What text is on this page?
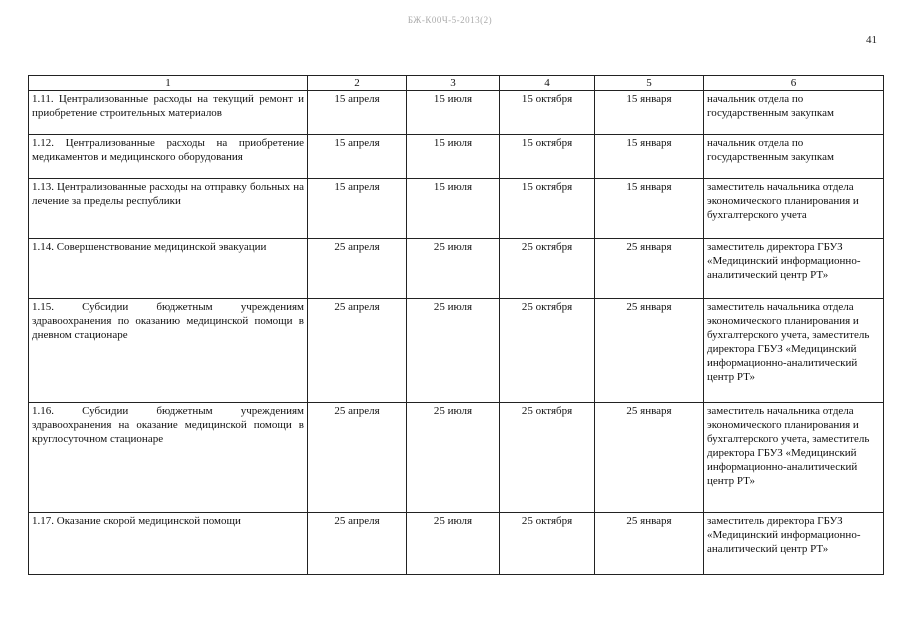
БЖ-К00Ч-5-2013(2)
41
1	2	3	4	5	6
1.11. Централизованные расходы на текущий ремонт и приобретение строительных материалов	15 апреля	15 июля	15 октября	15 января	начальник отдела по государственным закупкам
1.12. Централизованные расходы на приобретение медикаментов и медицинского оборудования	15 апреля	15 июля	15 октября	15 января	начальник отдела по государственным закупкам
1.13. Централизованные расходы на отправку больных на лечение за пределы республики	15 апреля	15 июля	15 октября	15 января	заместитель начальника отдела экономического планирования и бухгалтерского учета
1.14. Совершенствование медицинской эвакуации	25 апреля	25 июля	25 октября	25 января	заместитель директора ГБУЗ «Медицинский информационно-аналитический центр РТ»
1.15. Субсидии бюджетным учреждениям здравоохранения по оказанию медицинской помощи в дневном стационаре	25 апреля	25 июля	25 октября	25 января	заместитель начальника отдела экономического планирования и бухгалтерского учета, заместитель директора ГБУЗ «Медицинский информационно-аналитический центр РТ»
1.16. Субсидии бюджетным учреждениям здравоохранения на оказание медицинской помощи в круглосуточном стационаре	25 апреля	25 июля	25 октября	25 января	заместитель начальника отдела экономического планирования и бухгалтерского учета, заместитель директора ГБУЗ «Медицинский информационно-аналитический центр РТ»
1.17. Оказание скорой медицинской помощи	25 апреля	25 июля	25 октября	25 января	заместитель директора ГБУЗ «Медицинский информационно-аналитический центр РТ»
